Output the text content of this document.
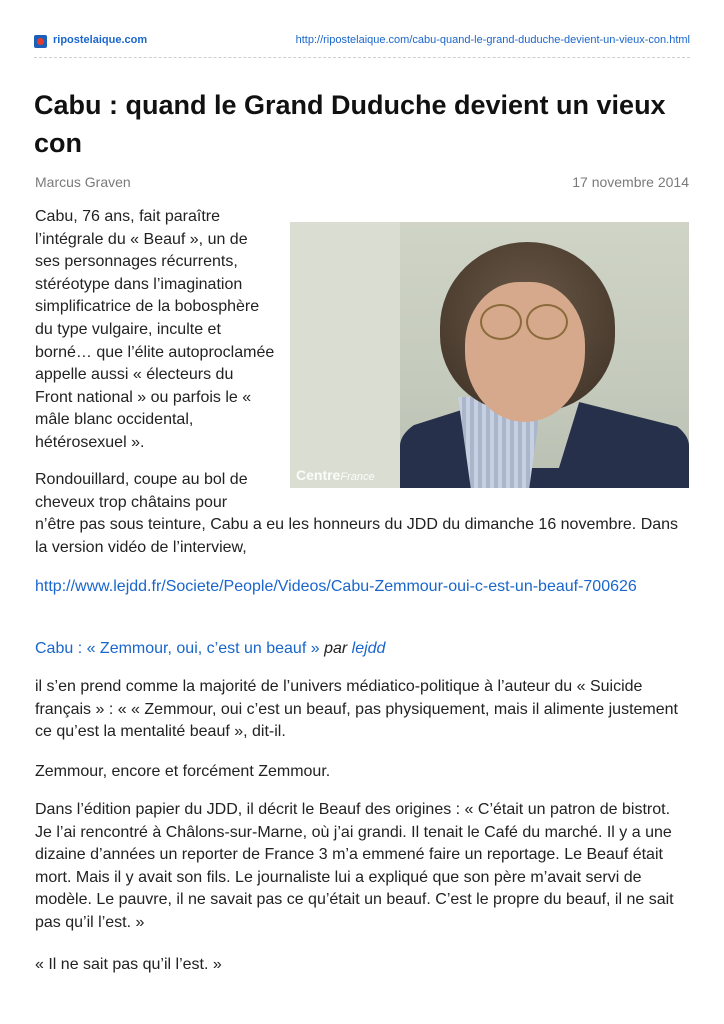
ripostelaique.com	http://ripostelaique.com/cabu-quand-le-grand-duduche-devient-un-vieux-con.html
Cabu : quand le Grand Duduche devient un vieux con
Marcus Graven	17 novembre 2014
CentreFrance

Cabu, 76 ans, fait paraître l’intégrale du « Beauf », un de ses personnages récurrents, stéréotype dans l’imagination simplificatrice de la bobosphère du type vulgaire, inculte et borné… que l’élite autoproclamée appelle aussi « électeurs du Front national » ou parfois le « mâle blanc occidental, hétérosexuel ».

Rondouillard, coupe au bol de cheveux trop châtains pour

n’être pas sous teinture, Cabu a eu les honneurs du JDD du dimanche 16 novembre. Dans la version vidéo de l’interview,

http://www.lejdd.fr/Societe/People/Videos/Cabu-Zemmour-oui-c-est-un-beauf-700626

Cabu : « Zemmour, oui, c’est un beauf » par lejdd

il s’en prend comme la majorité de l’univers médiatico-politique à l’auteur du « Suicide français » : « « Zemmour, oui c’est un beauf, pas physiquement, mais il alimente justement ce qu’est la mentalité beauf », dit-il.

Zemmour, encore et forcément Zemmour.

Dans l’édition papier du JDD, il décrit le Beauf des origines : « C’était un patron de bistrot. Je l’ai rencontré à Châlons-sur-Marne, où j’ai grandi. Il tenait le Café du marché. Il y a une dizaine d’années un reporter de France 3 m’a emmené faire un reportage. Le Beauf était mort. Mais il y avait son fils. Le journaliste lui a expliqué que son père m’avait servi de modèle. Le pauvre, il ne savait pas ce qu’était un beauf. C’est le propre du beauf, il ne sait pas qu’il l’est. »

« Il ne sait pas qu’il l’est. »
